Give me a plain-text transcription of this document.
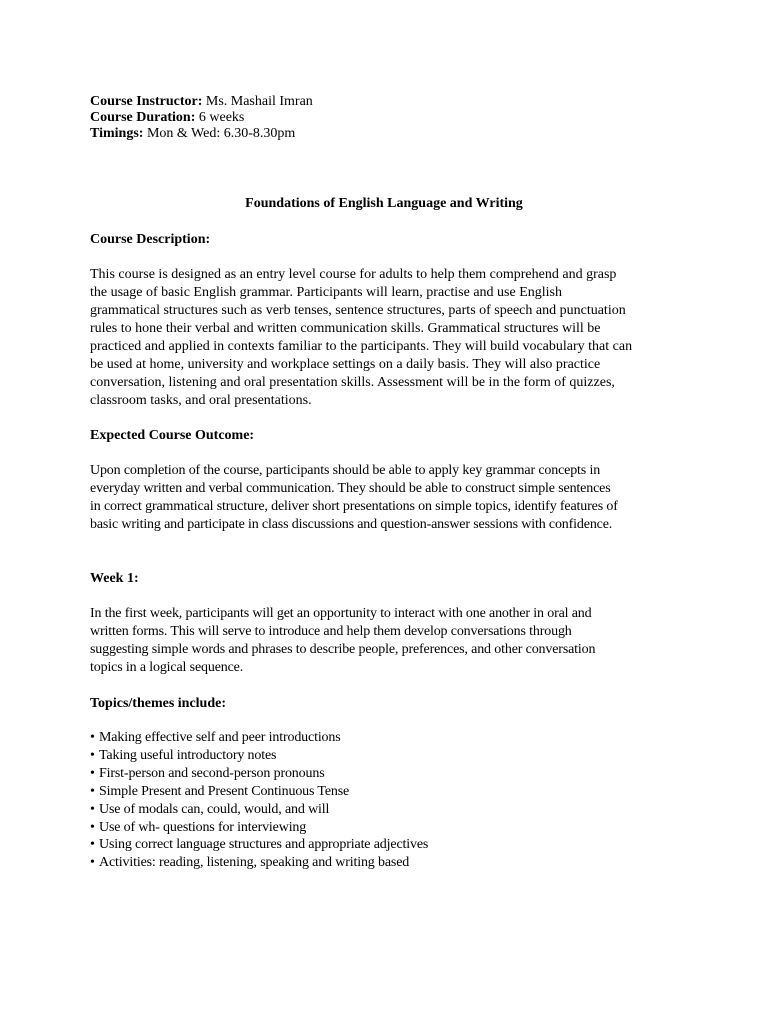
Course Instructor: Ms. Mashail Imran
Course Duration: 6 weeks
Timings: Mon & Wed: 6.30-8.30pm
Foundations of English Language and Writing
Course Description:
This course is designed as an entry level course for adults to help them comprehend and grasp
the usage of basic English grammar. Participants will learn, practise and use English
grammatical structures such as verb tenses, sentence structures, parts of speech and punctuation
rules to hone their verbal and written communication skills. Grammatical structures will be
practiced and applied in contexts familiar to the participants. They will build vocabulary that can
be used at home, university and workplace settings on a daily basis. They will also practice
conversation, listening and oral presentation skills. Assessment will be in the form of quizzes,
classroom tasks, and oral presentations.
Expected Course Outcome:
Upon completion of the course, participants should be able to apply key grammar concepts in
everyday written and verbal communication. They should be able to construct simple sentences
in correct grammatical structure, deliver short presentations on simple topics, identify features of
basic writing and participate in class discussions and question-answer sessions with confidence.
Week 1:
In the first week, participants will get an opportunity to interact with one another in oral and
written forms. This will serve to introduce and help them develop conversations through
suggesting simple words and phrases to describe people, preferences, and other conversation
topics in a logical sequence.
Topics/themes include:
• Making effective self and peer introductions
• Taking useful introductory notes
• First-person and second-person pronouns
• Simple Present and Present Continuous Tense
• Use of modals can, could, would, and will
• Use of wh- questions for interviewing
• Using correct language structures and appropriate adjectives
• Activities: reading, listening, speaking and writing based
